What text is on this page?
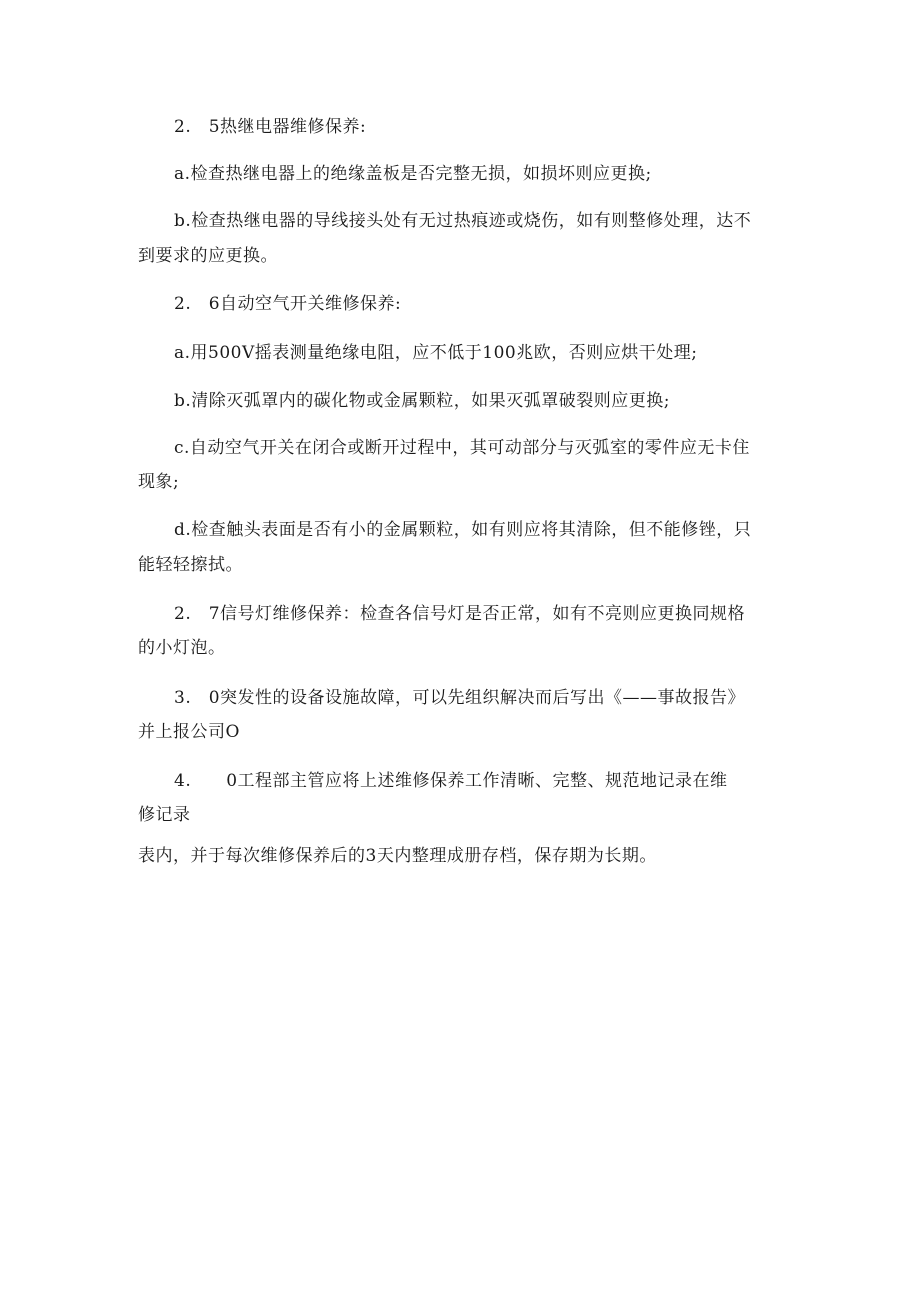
2.　5热继电器维修保养:

a.检查热继电器上的绝缘盖板是否完整无损，如损坏则应更换;

b.检查热继电器的导线接头处有无过热痕迹或烧伤，如有则整修处理，达不

到要求的应更换。

2.　6自动空气开关维修保养:

a.用500V摇表测量绝缘电阻，应不低于100兆欧，否则应烘干处理;

b.清除灭弧罩内的碳化物或金属颗粒，如果灭弧罩破裂则应更换;

c.自动空气开关在闭合或断开过程中，其可动部分与灭弧室的零件应无卡住

现象;

d.检查触头表面是否有小的金属颗粒，如有则应将其清除，但不能修锉，只

能轻轻擦拭。

2.　7信号灯维修保养：检查各信号灯是否正常，如有不亮则应更换同规格

的小灯泡。

3.　0突发性的设备设施故障，可以先组织解决而后写出《——事故报告》

并上报公司O

4.　　0工程部主管应将上述维修保养工作清晰、完整、规范地记录在维

修记录

表内，并于每次维修保养后的3天内整理成册存档，保存期为长期。
